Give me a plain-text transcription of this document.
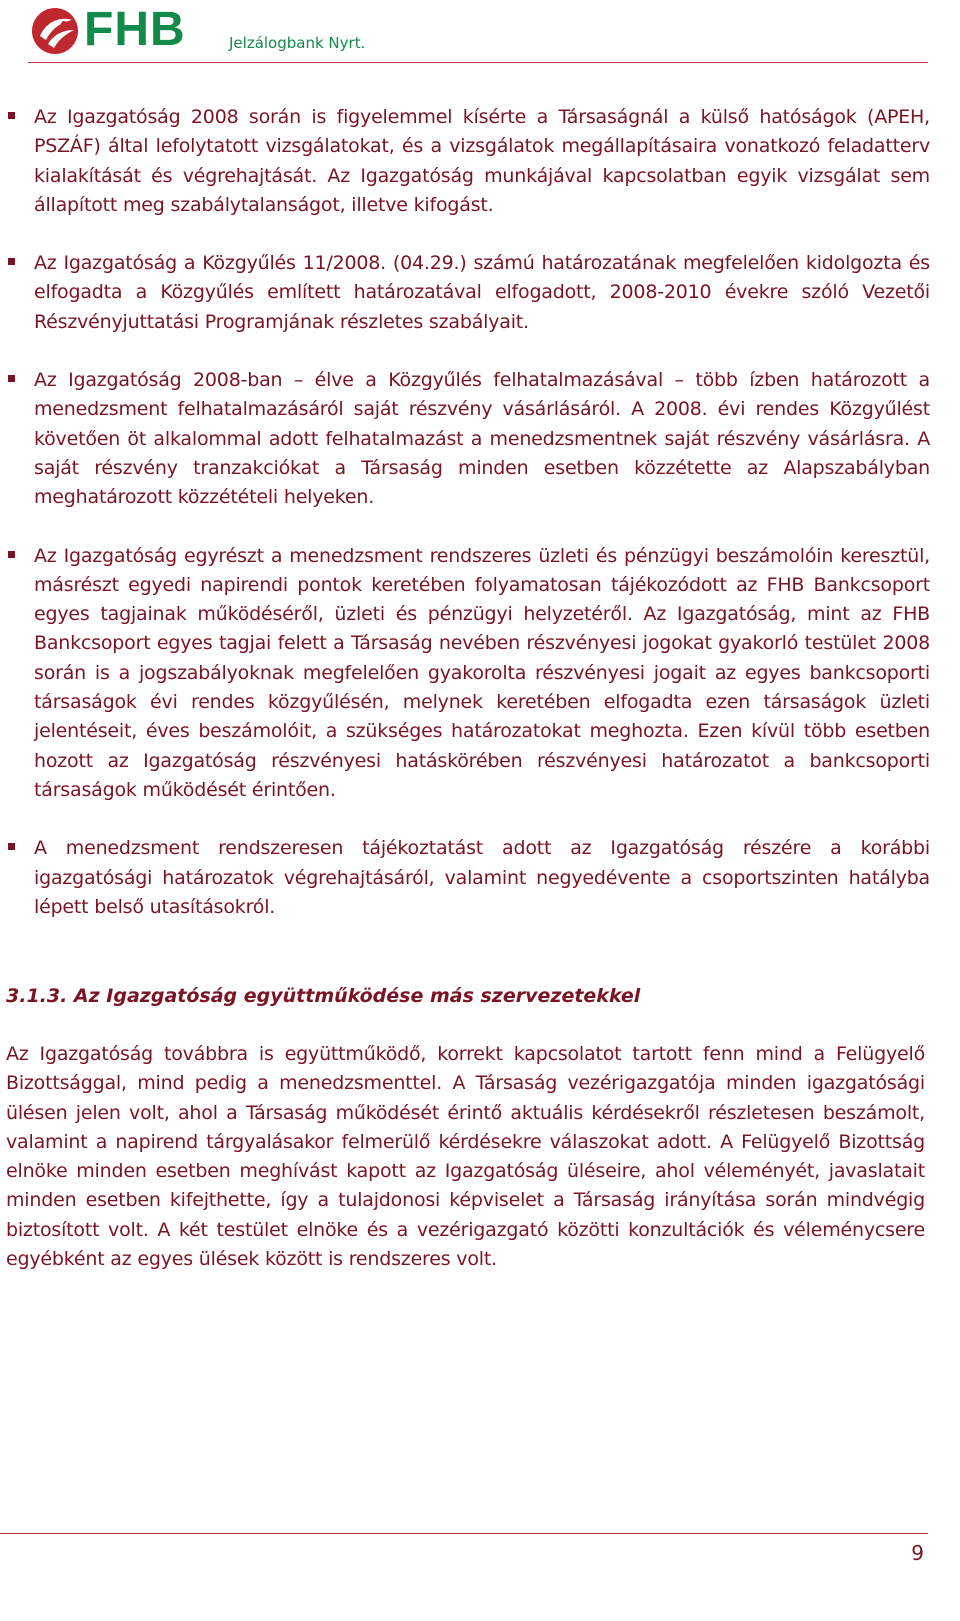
FHB	Jelzálogbank Nyrt.

Az Igazgatóság 2008 során is figyelemmel kísérte a Társaságnál a külső hatóságok (APEH, PSZÁF) által lefolytatott vizsgálatokat, és a vizsgálatok megállapításaira vonatkozó feladatterv kialakítását és végrehajtását. Az Igazgatóság munkájával kapcsolatban egyik vizsgálat sem állapított meg szabálytalanságot, illetve kifogást.

Az Igazgatóság a Közgyűlés 11/2008. (04.29.) számú határozatának megfelelően kidolgozta és elfogadta a Közgyűlés említett határozatával elfogadott, 2008-2010 évekre szóló Vezetői Részvényjuttatási Programjának részletes szabályait.

Az Igazgatóság 2008-ban – élve a Közgyűlés felhatalmazásával – több ízben határozott a menedzsment felhatalmazásáról saját részvény vásárlásáról. A 2008. évi rendes Közgyűlést követően öt alkalommal adott felhatalmazást a menedzsmentnek saját részvény vásárlásra. A saját részvény tranzakciókat a Társaság minden esetben közzétette az Alapszabályban meghatározott közzétételi helyeken.

Az Igazgatóság egyrészt a menedzsment rendszeres üzleti és pénzügyi beszámolóin keresztül, másrészt egyedi napirendi pontok keretében folyamatosan tájékozódott az FHB Bankcsoport egyes tagjainak működéséről, üzleti és pénzügyi helyzetéről. Az Igazgatóság, mint az FHB Bankcsoport egyes tagjai felett a Társaság nevében részvényesi jogokat gyakorló testület 2008 során is a jogszabályoknak megfelelően gyakorolta részvényesi jogait az egyes bankcsoporti társaságok évi rendes közgyűlésén, melynek keretében elfogadta ezen társaságok üzleti jelentéseit, éves beszámolóit, a szükséges határozatokat meghozta. Ezen kívül több esetben hozott az Igazgatóság részvényesi hatáskörében részvényesi határozatot a bankcsoporti társaságok működését érintően.

A menedzsment rendszeresen tájékoztatást adott az Igazgatóság részére a korábbi igazgatósági határozatok végrehajtásáról, valamint negyedévente a csoportszinten hatályba lépett belső utasításokról.

3.1.3. Az Igazgatóság együttműködése más szervezetekkel

Az Igazgatóság továbbra is együttműködő, korrekt kapcsolatot tartott fenn mind a Felügyelő Bizottsággal, mind pedig a menedzsmenttel. A Társaság vezérigazgatója minden igazgatósági ülésen jelen volt, ahol a Társaság működését érintő aktuális kérdésekről részletesen beszámolt, valamint a napirend tárgyalásakor felmerülő kérdésekre válaszokat adott. A Felügyelő Bizottság elnöke minden esetben meghívást kapott az Igazgatóság üléseire, ahol véleményét, javaslatait minden esetben kifejthette, így a tulajdonosi képviselet a Társaság irányítása során mindvégig biztosított volt. A két testület elnöke és a vezérigazgató közötti konzultációk és véleménycsere egyébként az egyes ülések között is rendszeres volt.

9
